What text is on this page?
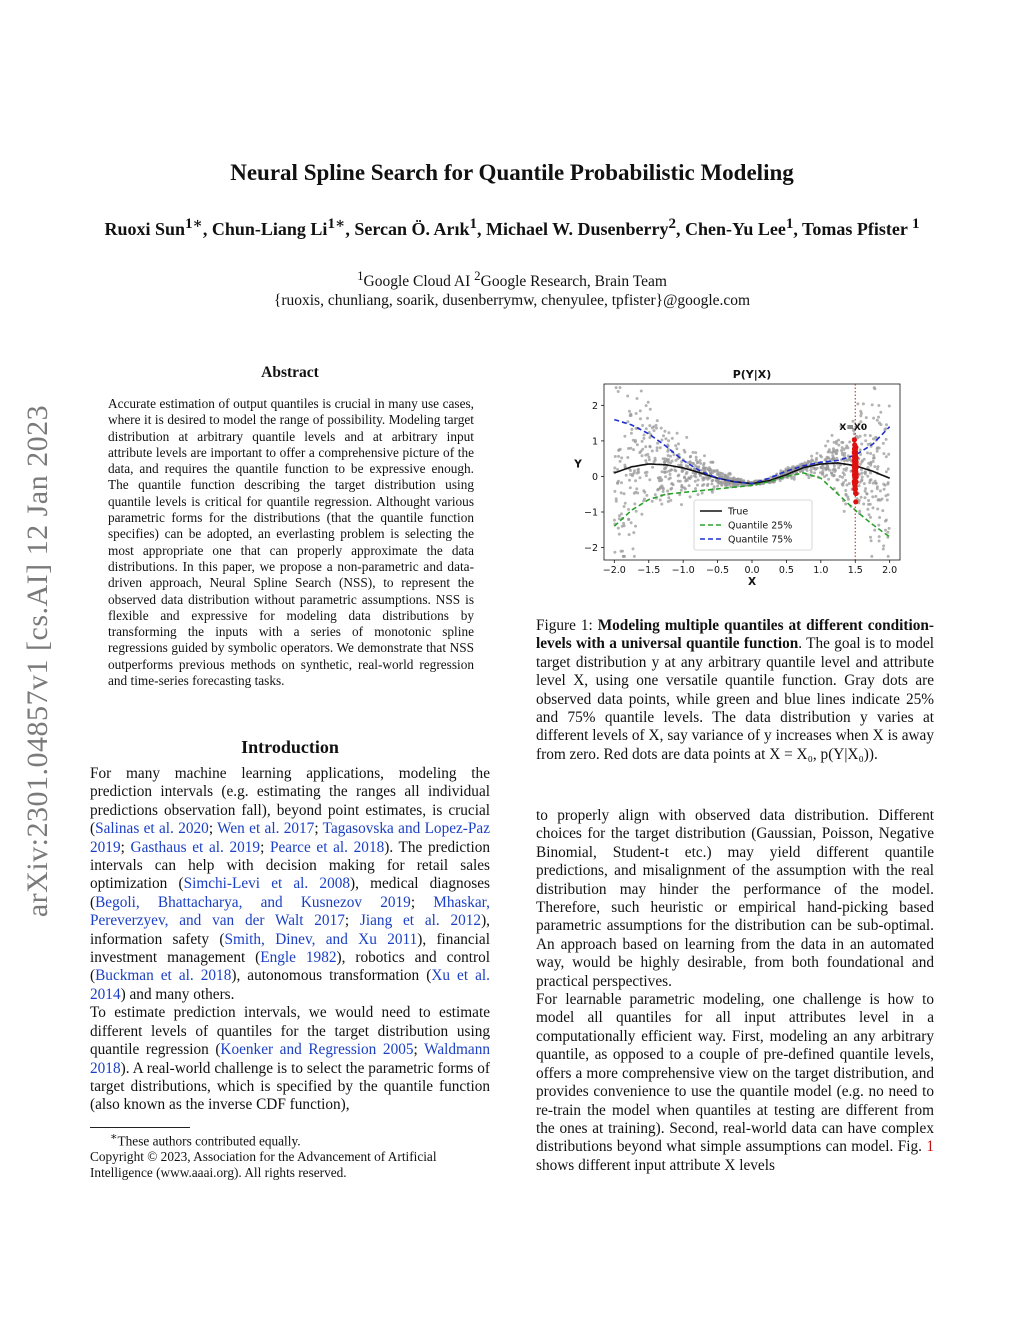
arXiv:2301.04857v1 [cs.AI] 12 Jan 2023
Neural Spline Search for Quantile Probabilistic Modeling
Ruoxi Sun$^{1∗}$, Chun-Liang $Li^{1∗}$, Sercan Ö. Arık$^1$, Michael W. Dusenberry$^2$, Chen-Yu Lee$^1$, Tomas Pfister $^1$
$^1$Google Cloud AI $^2$Google Research, Brain Team
{ruoxis, chunliang, soarik, dusenberrymw, chenyulee, tpfister}@google.com
Abstract
Accurate estimation of output quantiles is crucial in many use cases, where it is desired to model the range of possibility. Modeling target distribution at arbitrary quantile levels and at arbitrary input attribute levels are important to offer a comprehensive picture of the data, and requires the quantile function to be expressive enough. The quantile function describing the target distribution using quantile levels is critical for quantile regression. Althought various parametric forms for the distributions (that the quantile function specifies) can be adopted, an everlasting problem is selecting the most appropriate one that can properly approximate the data distributions. In this paper, we propose a non-parametric and data-driven approach, Neural Spline Search (NSS), to represent the observed data distribution without parametric assumptions. NSS is flexible and expressive for modeling data distributions by transforming the inputs with a series of monotonic spline regressions guided by symbolic operators. We demonstrate that NSS outperforms previous methods on synthetic, real-world regression and time-series forecasting tasks.
Introduction

For many machine learning applications, modeling the prediction intervals (e.g. estimating the ranges all individual predictions observation fall), beyond point estimates, is crucial (Salinas et al. 2020; Wen et al. 2017; Tagasovska and Lopez-Paz 2019; Gasthaus et al. 2019; Pearce et al. 2018). The prediction intervals can help with decision making for retail sales optimization (Simchi-Levi et al. 2008), medical diagnoses (Begoli, Bhattacharya, and Kusnezov 2019; Mhaskar, Pereverzyev, and van der Walt 2017; Jiang et al. 2012), information safety (Smith, Dinev, and Xu 2011), financial investment management (Engle 1982), robotics and control (Buckman et al. 2018), autonomous transformation (Xu et al. 2014) and many others.

To estimate prediction intervals, we would need to estimate different levels of quantiles for the target distribution using quantile regression (Koenker and Regression 2005; Waldmann 2018). A real-world challenge is to select the parametric forms of target distributions, which is specified by the quantile function (also known as the inverse CDF function),

∗These authors contributed equally.
Copyright © 2023, Association for the Advancement of Artificial Intelligence (www.aaai.org). All rights reserved.
X=X0
−2.0 −1.5 −1.0 −0.5 0.0 0.5 1.0 1.5 2.0
2
1
0
−1
−2
P(Y|X)
X
Y
True
Quantile 25%
Quantile 75%
Figure 1: Modeling multiple quantiles at different condition-levels with a universal quantile function. The goal is to model target distribution y at any arbitrary quantile level and attribute level X, using one versatile quantile function. Gray dots are observed data points, while green and blue lines indicate 25% and 75% quantile levels. The data distribution y varies at different levels of X, say variance of y increases when X is away from zero. Red dots are data points at X = X₀, p(Y|X₀)).

to properly align with observed data distribution. Different choices for the target distribution (Gaussian, Poisson, Negative Binomial, Student-t etc.) may yield different quantile predictions, and misalignment of the assumption with the real distribution may hinder the performance of the model. Therefore, such heuristic or empirical hand-picking based parametric assumptions for the distribution can be sub-optimal. An approach based on learning from the data in an automated way, would be highly desirable, from both foundational and practical perspectives.

For learnable parametric modeling, one challenge is how to model all quantiles for all input attributes level in a computationally efficient way. First, modeling an any arbitrary quantile, as opposed to a couple of pre-defined quantile levels, offers a more comprehensive view on the target distribution, and provides convenience to use the quantile model (e.g. no need to re-train the model when quantiles at testing are different from the ones at training). Second, real-world data can have complex distributions beyond what simple assumptions can model. Fig. 1 shows different input attribute X levels
